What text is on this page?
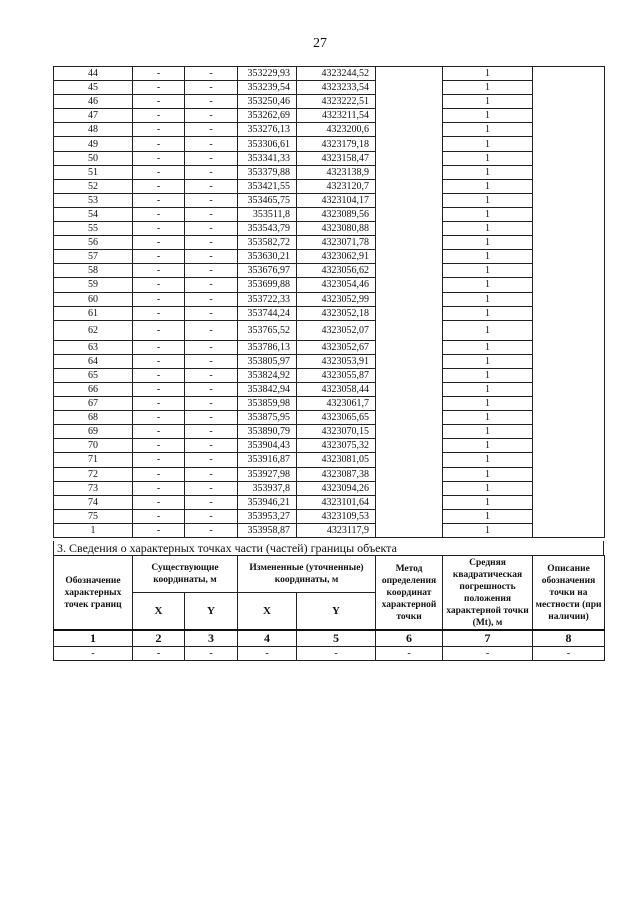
27
44	-	-	353229,93	4323244,52		1	
45	-	-	353239,54	4323233,54		1	
46	-	-	353250,46	4323222,51		1	
47	-	-	353262,69	4323211,54		1	
48	-	-	353276,13	4323200,6		1	
49	-	-	353306,61	4323179,18		1	
50	-	-	353341,33	4323158,47		1	
51	-	-	353379,88	4323138,9		1	
52	-	-	353421,55	4323120,7		1	
53	-	-	353465,75	4323104,17		1	
54	-	-	353511,8	4323089,56		1	
55	-	-	353543,79	4323080,88		1	
56	-	-	353582,72	4323071,78		1	
57	-	-	353630,21	4323062,91		1	
58	-	-	353676,97	4323056,62		1	
59	-	-	353699,88	4323054,46		1	
60	-	-	353722,33	4323052,99		1	
61	-	-	353744,24	4323052,18		1	
62	-	-	353765,52	4323052,07		1	
63	-	-	353786,13	4323052,67		1	
64	-	-	353805,97	4323053,91		1	
65	-	-	353824,92	4323055,87		1	
66	-	-	353842,94	4323058,44		1	
67	-	-	353859,98	4323061,7		1	
68	-	-	353875,95	4323065,65		1	
69	-	-	353890,79	4323070,15		1	
70	-	-	353904,43	4323075,32		1	
71	-	-	353916,87	4323081,05		1	
72	-	-	353927,98	4323087,38		1	
73	-	-	353937,8	4323094,26		1	
74	-	-	353946,21	4323101,64		1	
75	-	-	353953,27	4323109,53		1	
1	-	-	353958,87	4323117,9		1	
3. Сведения о характерных точках части (частей) границы объекта
Обозначение характерных точек границ	Существующие координаты, м		Измененные (уточненные) координаты, м		Метод определения координат характерной точки	Средняя квадратическая погрешность положения характерной точки (Mt), м	Описание обозначения точки на местности (при наличии)
	X	Y	X	Y			
1	2	3	4	5	6	7	8
-	-	-	-	-	-	-	-
